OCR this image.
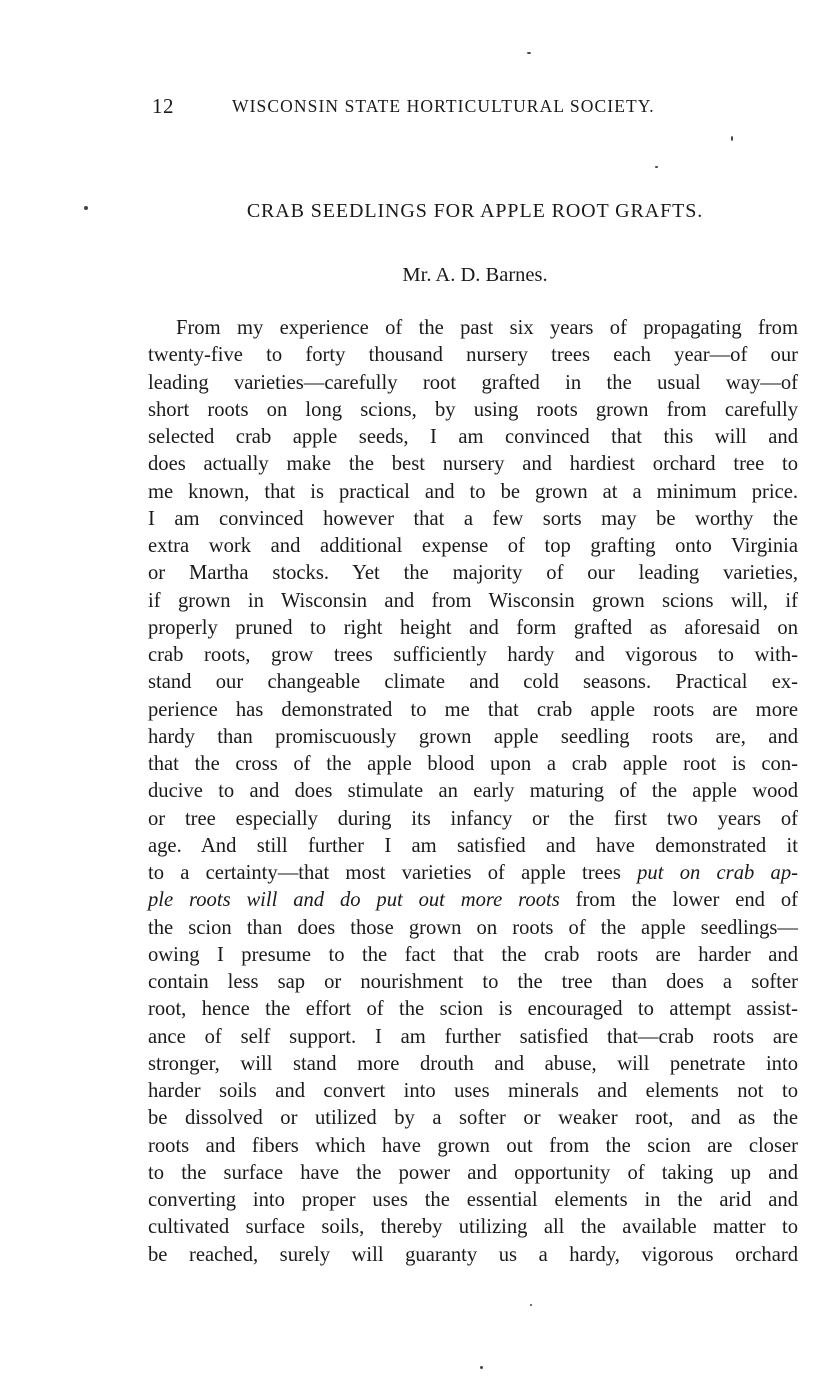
12	WISCONSIN STATE HORTICULTURAL SOCIETY.
CRAB SEEDLINGS FOR APPLE ROOT GRAFTS.
Mr. A. D. Barnes.
From my experience of the past six years of propagating from
twenty-five to forty thousand nursery trees each year—of our
leading varieties—carefully root grafted in the usual way—of
short roots on long scions, by using roots grown from carefully
selected crab apple seeds, I am convinced that this will and
does actually make the best nursery and hardiest orchard tree to
me known, that is practical and to be grown at a minimum price.
I am convinced however that a few sorts may be worthy the
extra work and additional expense of top grafting onto Virginia
or Martha stocks. Yet the majority of our leading varieties,
if grown in Wisconsin and from Wisconsin grown scions will, if
properly pruned to right height and form grafted as aforesaid on
crab roots, grow trees sufficiently hardy and vigorous to with-
stand our changeable climate and cold seasons. Practical ex-
perience has demonstrated to me that crab apple roots are more
hardy than promiscuously grown apple seedling roots are, and
that the cross of the apple blood upon a crab apple root is con-
ducive to and does stimulate an early maturing of the apple wood
or tree especially during its infancy or the first two years of
age. And still further I am satisfied and have demonstrated it
to a certainty—that most varieties of apple trees put on crab ap-
ple roots will and do put out more roots from the lower end of
the scion than does those grown on roots of the apple seedlings—
owing I presume to the fact that the crab roots are harder and
contain less sap or nourishment to the tree than does a softer
root, hence the effort of the scion is encouraged to attempt assist-
ance of self support. I am further satisfied that—crab roots are
stronger, will stand more drouth and abuse, will penetrate into
harder soils and convert into uses minerals and elements not to
be dissolved or utilized by a softer or weaker root, and as the
roots and fibers which have grown out from the scion are closer
to the surface have the power and opportunity of taking up and
converting into proper uses the essential elements in the arid and
cultivated surface soils, thereby utilizing all the available matter to
be reached, surely will guaranty us a hardy, vigorous orchard
